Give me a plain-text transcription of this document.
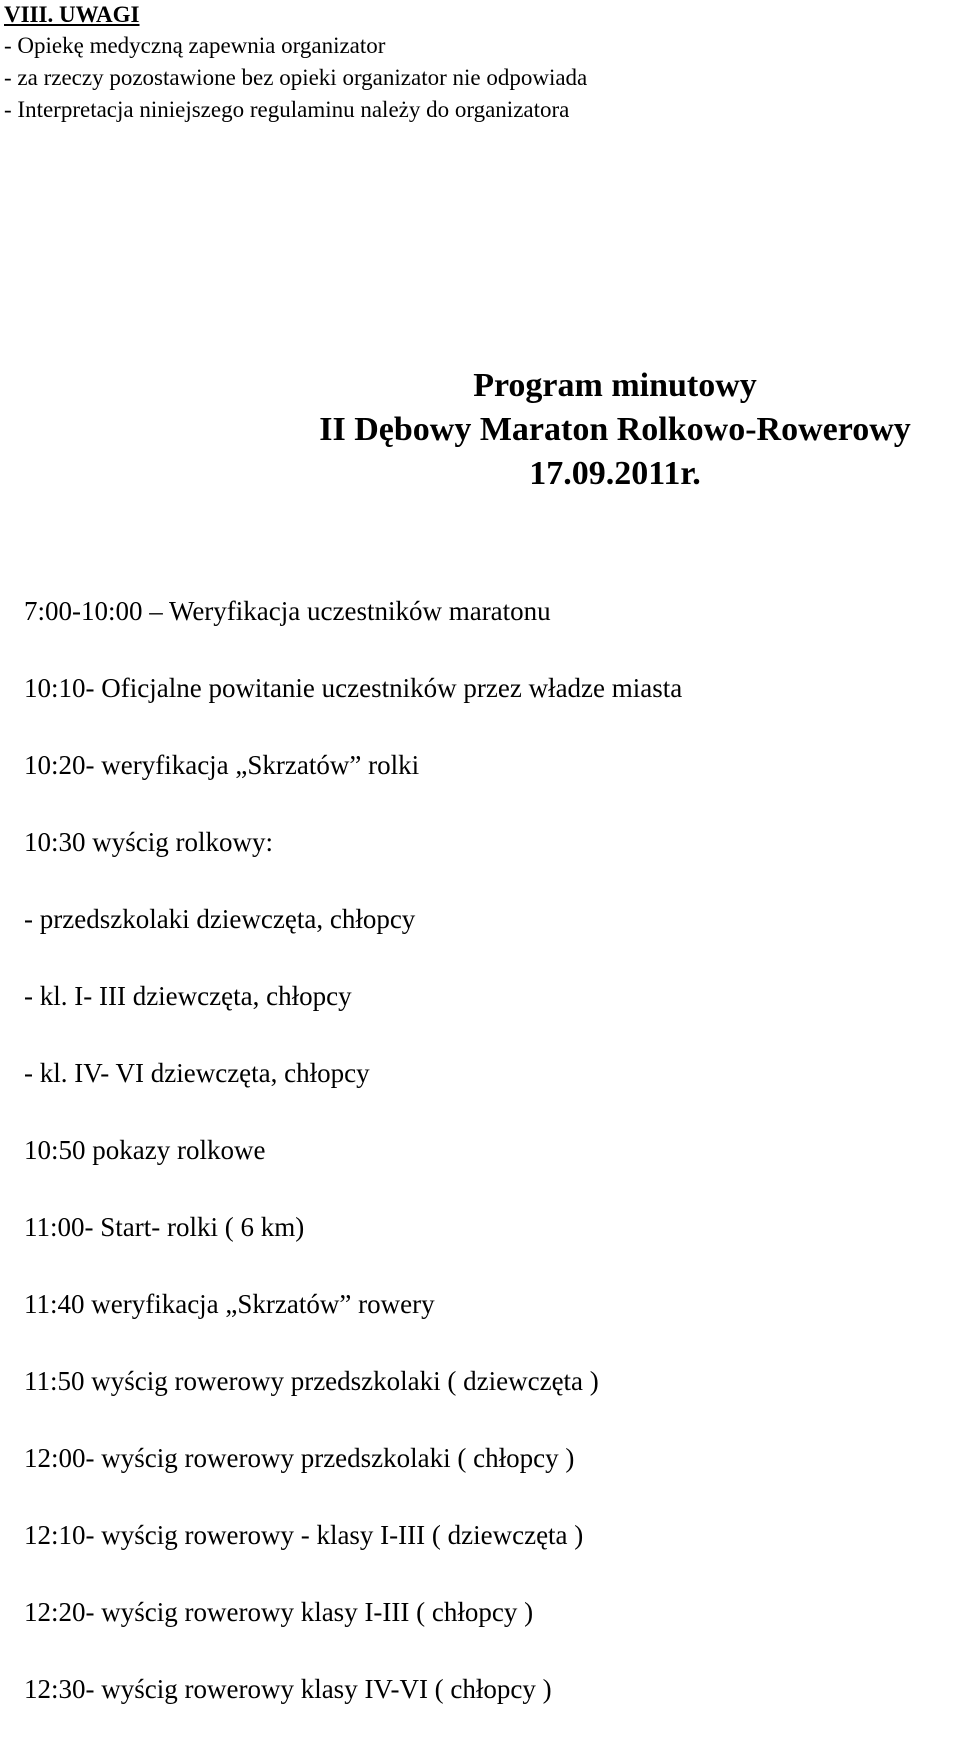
VIII. UWAGI
- Opiekę medyczną zapewnia organizator
- za rzeczy pozostawione bez opieki organizator nie odpowiada
- Interpretacja niniejszego regulaminu należy do organizatora
Program minutowy
II Dębowy Maraton Rolkowo-Rowerowy
17.09.2011r.
7:00-10:00 – Weryfikacja uczestników maratonu
10:10- Oficjalne powitanie uczestników przez władze miasta
10:20- weryfikacja „Skrzatów” rolki
10:30 wyścig rolkowy:
- przedszkolaki dziewczęta, chłopcy
- kl. I- III dziewczęta, chłopcy
- kl. IV- VI dziewczęta, chłopcy
10:50 pokazy rolkowe
11:00- Start- rolki ( 6 km)
11:40 weryfikacja „Skrzatów” rowery
11:50 wyścig rowerowy przedszkolaki ( dziewczęta )
12:00- wyścig rowerowy przedszkolaki ( chłopcy )
12:10- wyścig rowerowy - klasy I-III ( dziewczęta )
12:20- wyścig rowerowy klasy I-III ( chłopcy )
12:30- wyścig rowerowy klasy IV-VI ( chłopcy )
